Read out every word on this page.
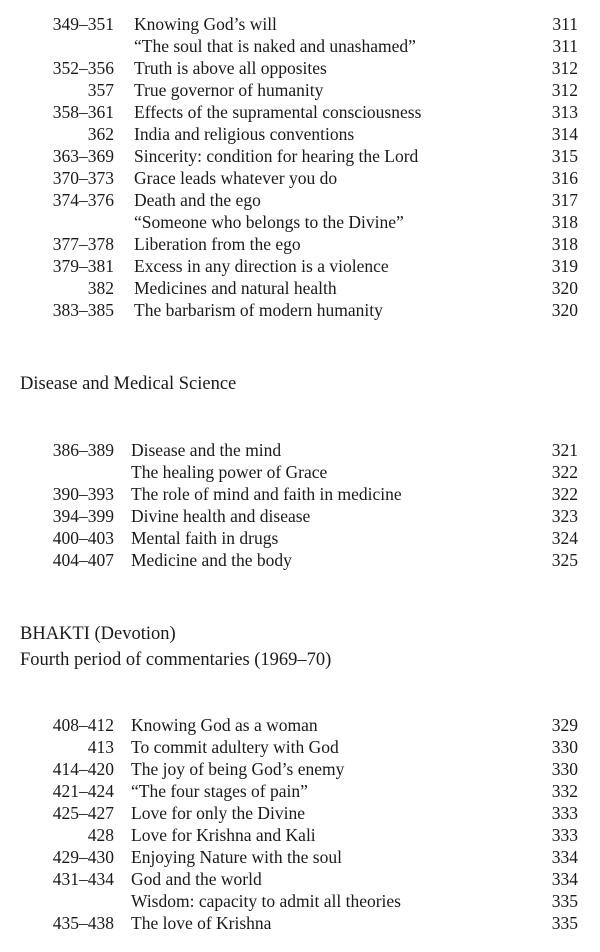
349–351 Knowing God’s will	311
“The soul that is naked and unashamed”	311
352–356 Truth is above all opposites	312
357 True governor of humanity	312
358–361 Effects of the supramental consciousness	313
362 India and religious conventions	314
363–369 Sincerity: condition for hearing the Lord	315
370–373 Grace leads whatever you do	316
374–376 Death and the ego	317
“Someone who belongs to the Divine”	318
377–378 Liberation from the ego	318
379–381 Excess in any direction is a violence	319
382 Medicines and natural health	320
383–385 The barbarism of modern humanity	320
Disease and Medical Science
386–389 Disease and the mind	321
The healing power of Grace	322
390–393 The role of mind and faith in medicine	322
394–399 Divine health and disease	323
400–403 Mental faith in drugs	324
404–407 Medicine and the body	325
BHAKTI (Devotion)
Fourth period of commentaries (1969–70)
408–412 Knowing God as a woman	329
413 To commit adultery with God	330
414–420 The joy of being God’s enemy	330
421–424 “The four stages of pain”	332
425–427 Love for only the Divine	333
428 Love for Krishna and Kali	333
429–430 Enjoying Nature with the soul	334
431–434 God and the world	334
Wisdom: capacity to admit all theories	335
435–438 The love of Krishna	335
